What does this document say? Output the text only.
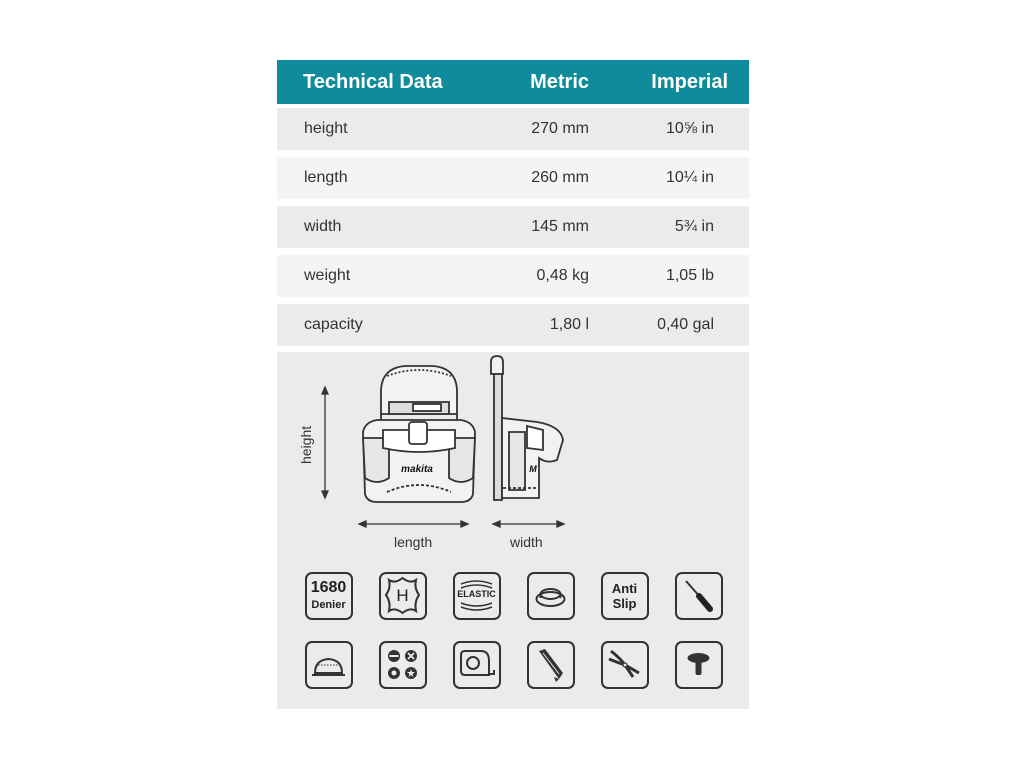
Technical Data	Metric	Imperial
height	270 mm	10⅝ in
length	260 mm	10¼ in
width	145 mm	5¾ in
weight	0,48 kg	1,05 lb
capacity	1,80 l	0,40 gal
makita	M
height
length	width
1680
Denier	H	ELASTIC	Anti
Slip
